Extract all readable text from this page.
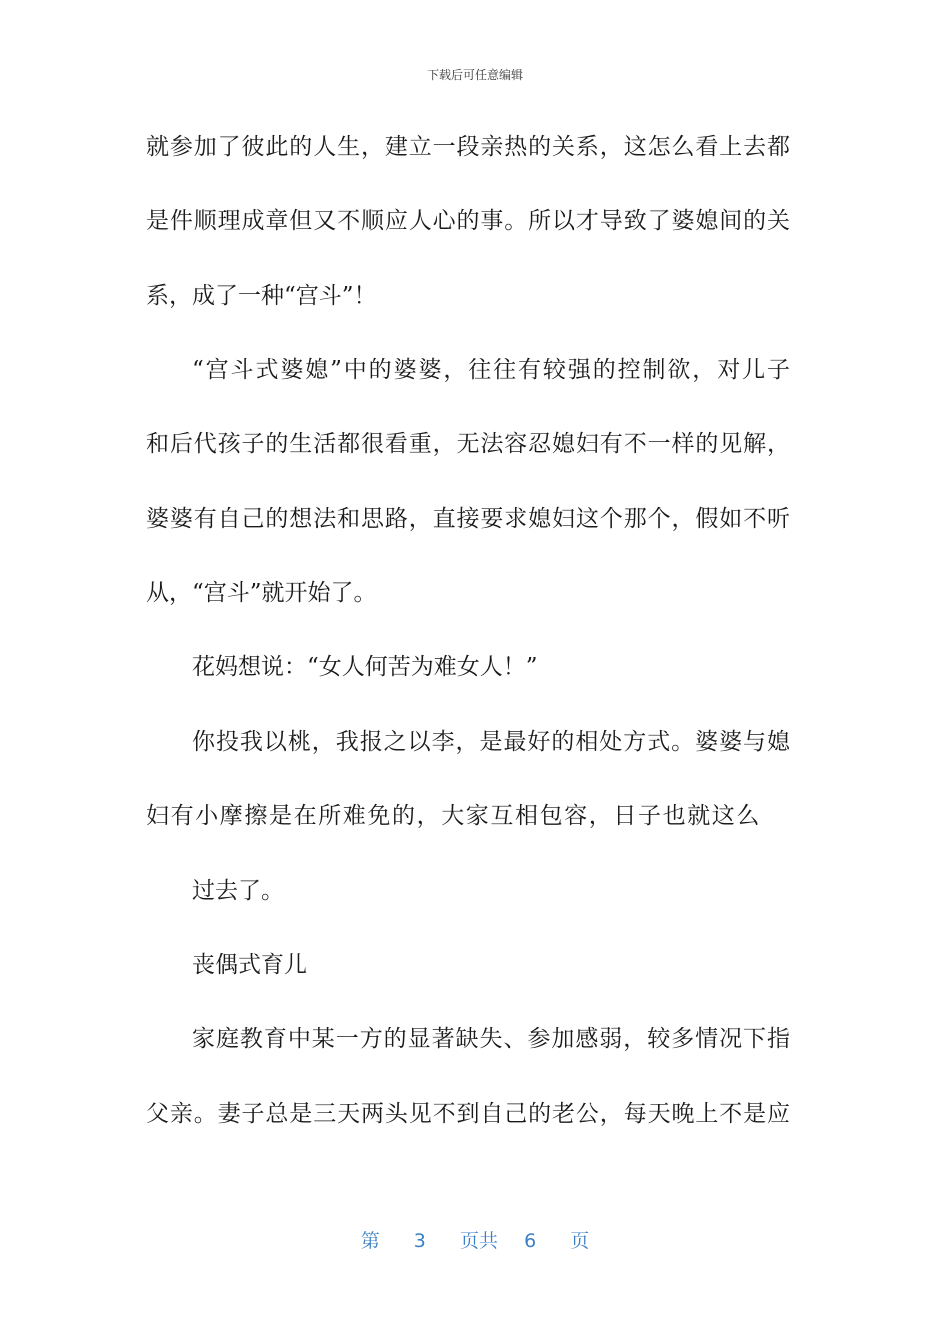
下载后可任意编辑
就参加了彼此的人生，建立一段亲热的关系，这怎么看上去都
是件顺理成章但又不顺应人心的事。所以才导致了婆媳间的关
系，成了一种“宫斗”！
“宫斗式婆媳”中的婆婆，往往有较强的控制欲，对儿子
和后代孩子的生活都很看重，无法容忍媳妇有不一样的见解，
婆婆有自己的想法和思路，直接要求媳妇这个那个，假如不听
从，“宫斗”就开始了。
花妈想说：“女人何苦为难女人！”
你投我以桃，我报之以李，是最好的相处方式。婆婆与媳
妇有小摩擦是在所难免的，大家互相包容，日子也就这么
过去了。
丧偶式育儿
家庭教育中某一方的显著缺失、参加感弱，较多情况下指
父亲。妻子总是三天两头见不到自己的老公，每天晚上不是应
第 3 页共 6 页
